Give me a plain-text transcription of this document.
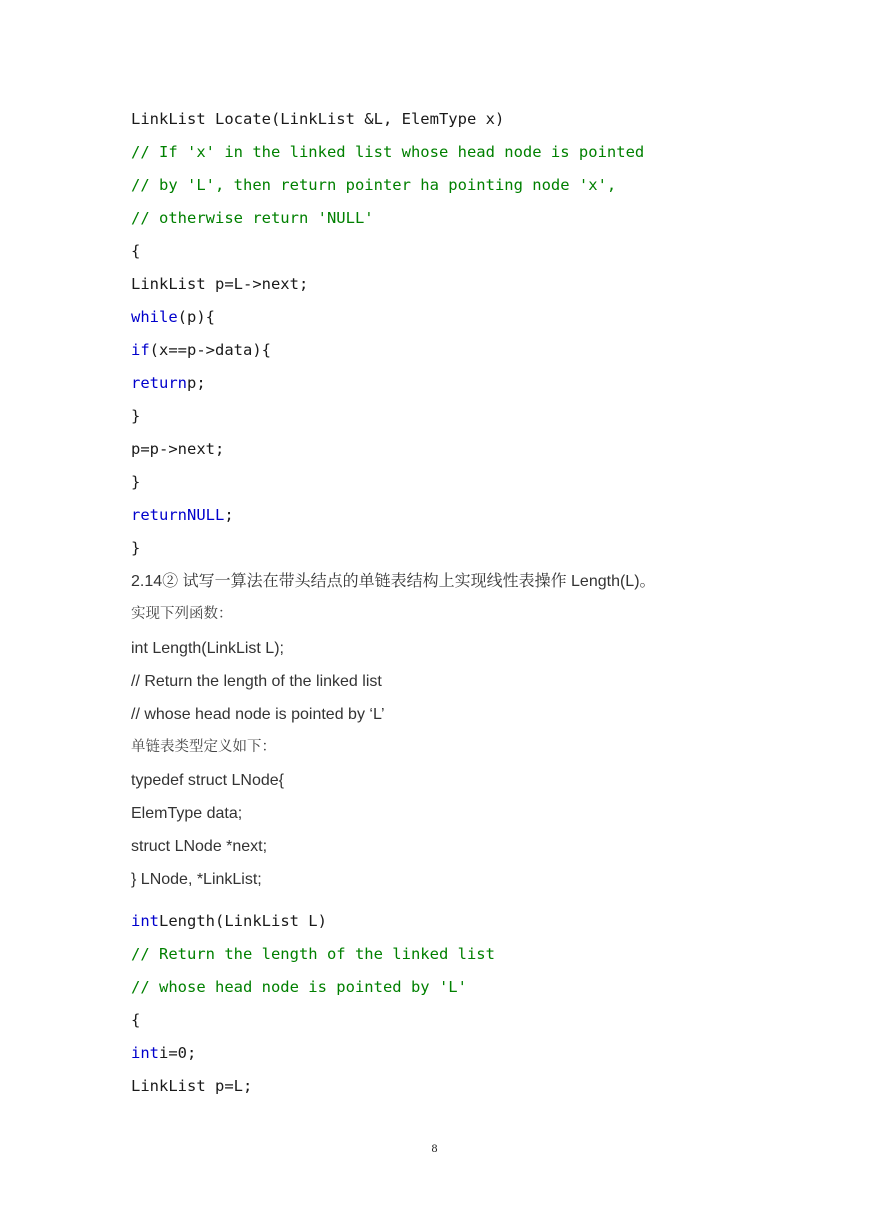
LinkList Locate(LinkList &L, ElemType x)
// If 'x' in the linked list whose head node is pointed
// by 'L', then return pointer ha pointing node 'x',
// otherwise return 'NULL'
{
LinkList p=L->next;
while(p){
if(x==p->data){
returnp;
}
p=p->next;
}
returnNULL;
}
2.14② 试写一算法在带头结点的单链表结构上实现线性表操作 Length(L)。
实现下列函数：
int Length(LinkList L);
// Return the length of the linked list
// whose head node is pointed by ‘L’
单链表类型定义如下：
typedef struct LNode{
ElemType data;
struct LNode *next;
} LNode, *LinkList;
intLength(LinkList L)
// Return the length of the linked list
// whose head node is pointed by 'L'
{
inti=0;
LinkList p=L;
8
